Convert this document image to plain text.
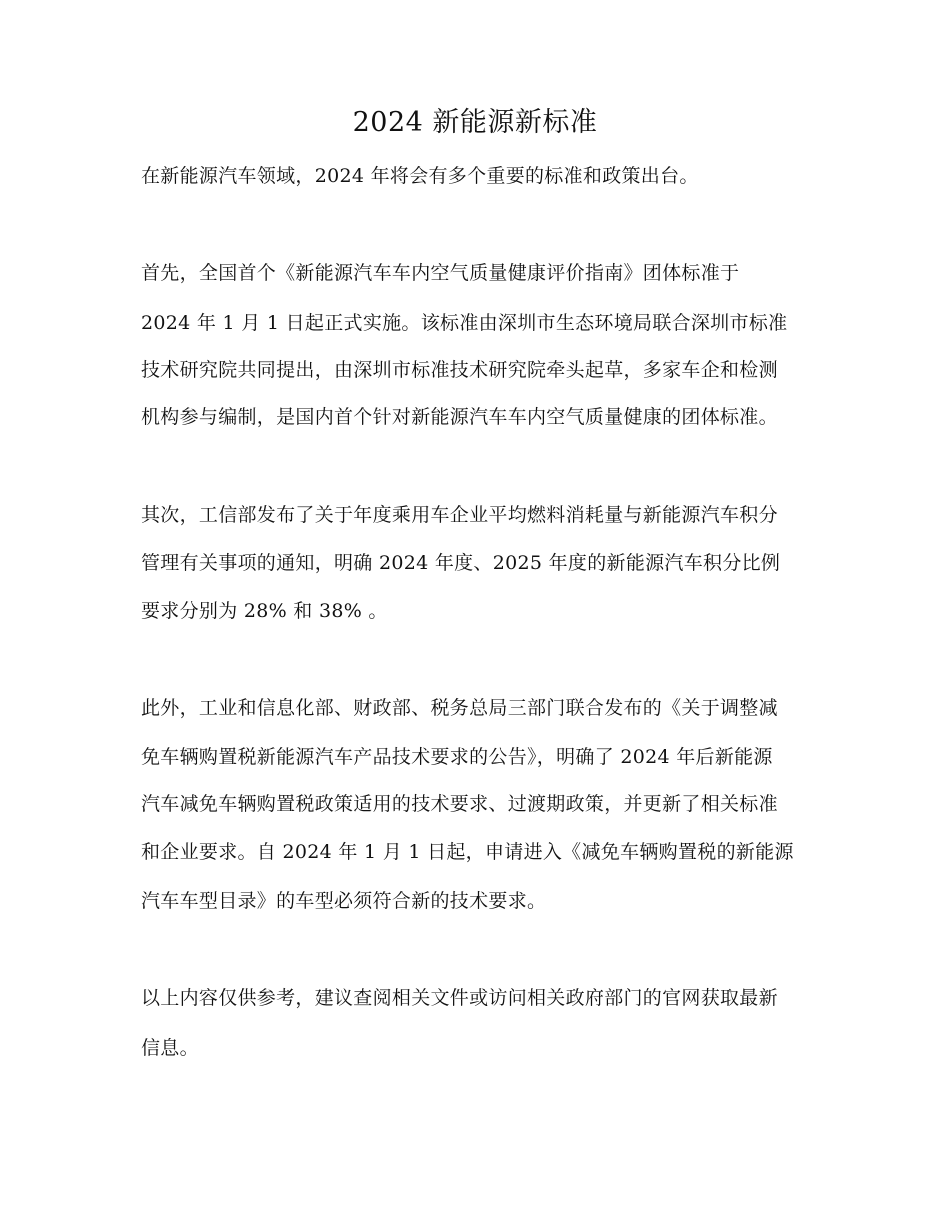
2024 新能源新标准
在新能源汽车领域，2024 年将会有多个重要的标准和政策出台。
首先，全国首个《新能源汽车车内空气质量健康评价指南》团体标准于
2024 年 1 月 1 日起正式实施。该标准由深圳市生态环境局联合深圳市标准
技术研究院共同提出，由深圳市标准技术研究院牵头起草，多家车企和检测
机构参与编制，是国内首个针对新能源汽车车内空气质量健康的团体标准。
其次，工信部发布了关于年度乘用车企业平均燃料消耗量与新能源汽车积分
管理有关事项的通知，明确 2024 年度、2025 年度的新能源汽车积分比例
要求分别为 28% 和 38% 。
此外，工业和信息化部、财政部、税务总局三部门联合发布的《关于调整减
免车辆购置税新能源汽车产品技术要求的公告》，明确了 2024 年后新能源
汽车减免车辆购置税政策适用的技术要求、过渡期政策，并更新了相关标准
和企业要求。自 2024 年 1 月 1 日起，申请进入《减免车辆购置税的新能源
汽车车型目录》的车型必须符合新的技术要求。
以上内容仅供参考，建议查阅相关文件或访问相关政府部门的官网获取最新
信息。
